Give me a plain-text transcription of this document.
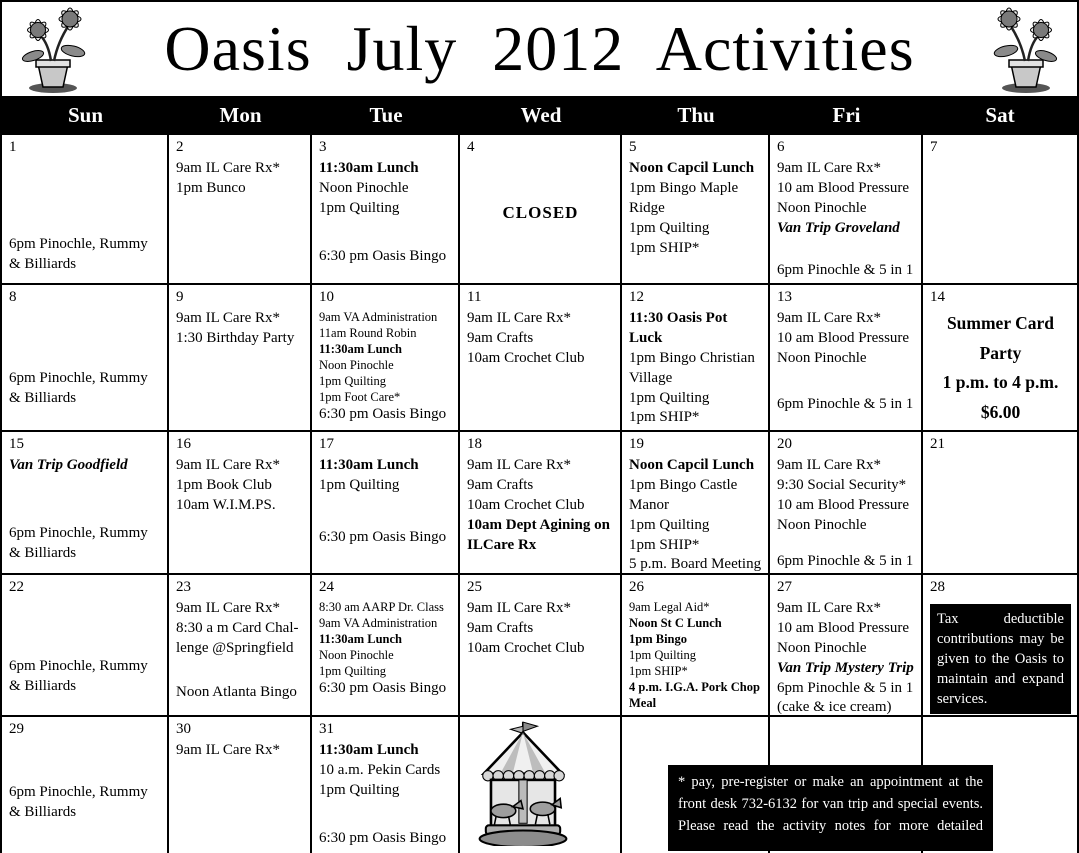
Oasis July 2012 Activities
Sun	Mon	Tue	Wed	Thu	Fri	Sat
1
6pm Pinochle, Rummy & Billiards
2
9am IL Care Rx*
1pm Bunco
3
11:30am Lunch
Noon Pinochle
1pm Quilting
6:30 pm Oasis Bingo
4
CLOSED
5
Noon Capcil Lunch
1pm Bingo Maple Ridge
1pm Quilting
1pm SHIP*
6
9am IL Care Rx*
10 am Blood Pressure
Noon Pinochle
Van Trip Groveland
6pm Pinochle & 5 in 1
7
8
6pm Pinochle, Rummy & Billiards
9
9am IL Care Rx*
1:30 Birthday Party
10
9am VA Administration
11am Round Robin
11:30am Lunch
Noon Pinochle
1pm Quilting
1pm Foot Care*
6:30 pm Oasis Bingo
11
9am IL Care Rx*
9am Crafts
10am Crochet Club
12
11:30 Oasis Pot Luck
1pm Bingo Christian Village
1pm Quilting
1pm SHIP*
13
9am IL Care Rx*
10 am Blood Pressure
Noon Pinochle
6pm Pinochle & 5 in 1
14
Summer Card Party
1 p.m. to 4 p.m.
$6.00
15
Van Trip Goodfield
6pm Pinochle, Rummy & Billiards
16
9am IL Care Rx*
1pm Book Club
10am W.I.M.PS.
17
11:30am Lunch
1pm Quilting
6:30 pm Oasis Bingo
18
9am IL Care Rx*
9am Crafts
10am Crochet Club
10am Dept Agining on ILCare Rx
19
Noon Capcil Lunch
1pm Bingo Castle Manor
1pm Quilting
1pm SHIP*
5 p.m. Board Meeting
20
9am IL Care Rx*
9:30 Social Security*
10 am Blood Pressure
Noon Pinochle
6pm Pinochle & 5 in 1
21
22
6pm Pinochle, Rummy & Billiards
23
9am IL Care Rx*
8:30 a m Card Chal-
lenge @Springfield
Noon Atlanta Bingo
24
8:30 am AARP Dr. Class
9am VA Administration
11:30am Lunch
Noon Pinochle
1pm Quilting
6:30 pm Oasis Bingo
25
9am IL Care Rx*
9am Crafts
10am Crochet Club
26
9am Legal Aid*
Noon St C Lunch
1pm Bingo
1pm Quilting
1pm SHIP*
4 p.m. I.G.A. Pork Chop Meal
27
9am IL Care Rx*
10 am Blood Pressure
Noon Pinochle
Van Trip Mystery Trip
6pm Pinochle & 5 in 1
(cake & ice cream)
28
Tax deductible contributions may be given to the Oasis to maintain and expand services.
29
6pm Pinochle, Rummy & Billiards
30
9am IL Care Rx*
31
11:30am Lunch
10 a.m. Pekin Cards
1pm Quilting
6:30 pm Oasis Bingo
* pay, pre-register or make an appointment at the front desk 732-6132 for van trip and special events. Please read the activity notes for more detailed
